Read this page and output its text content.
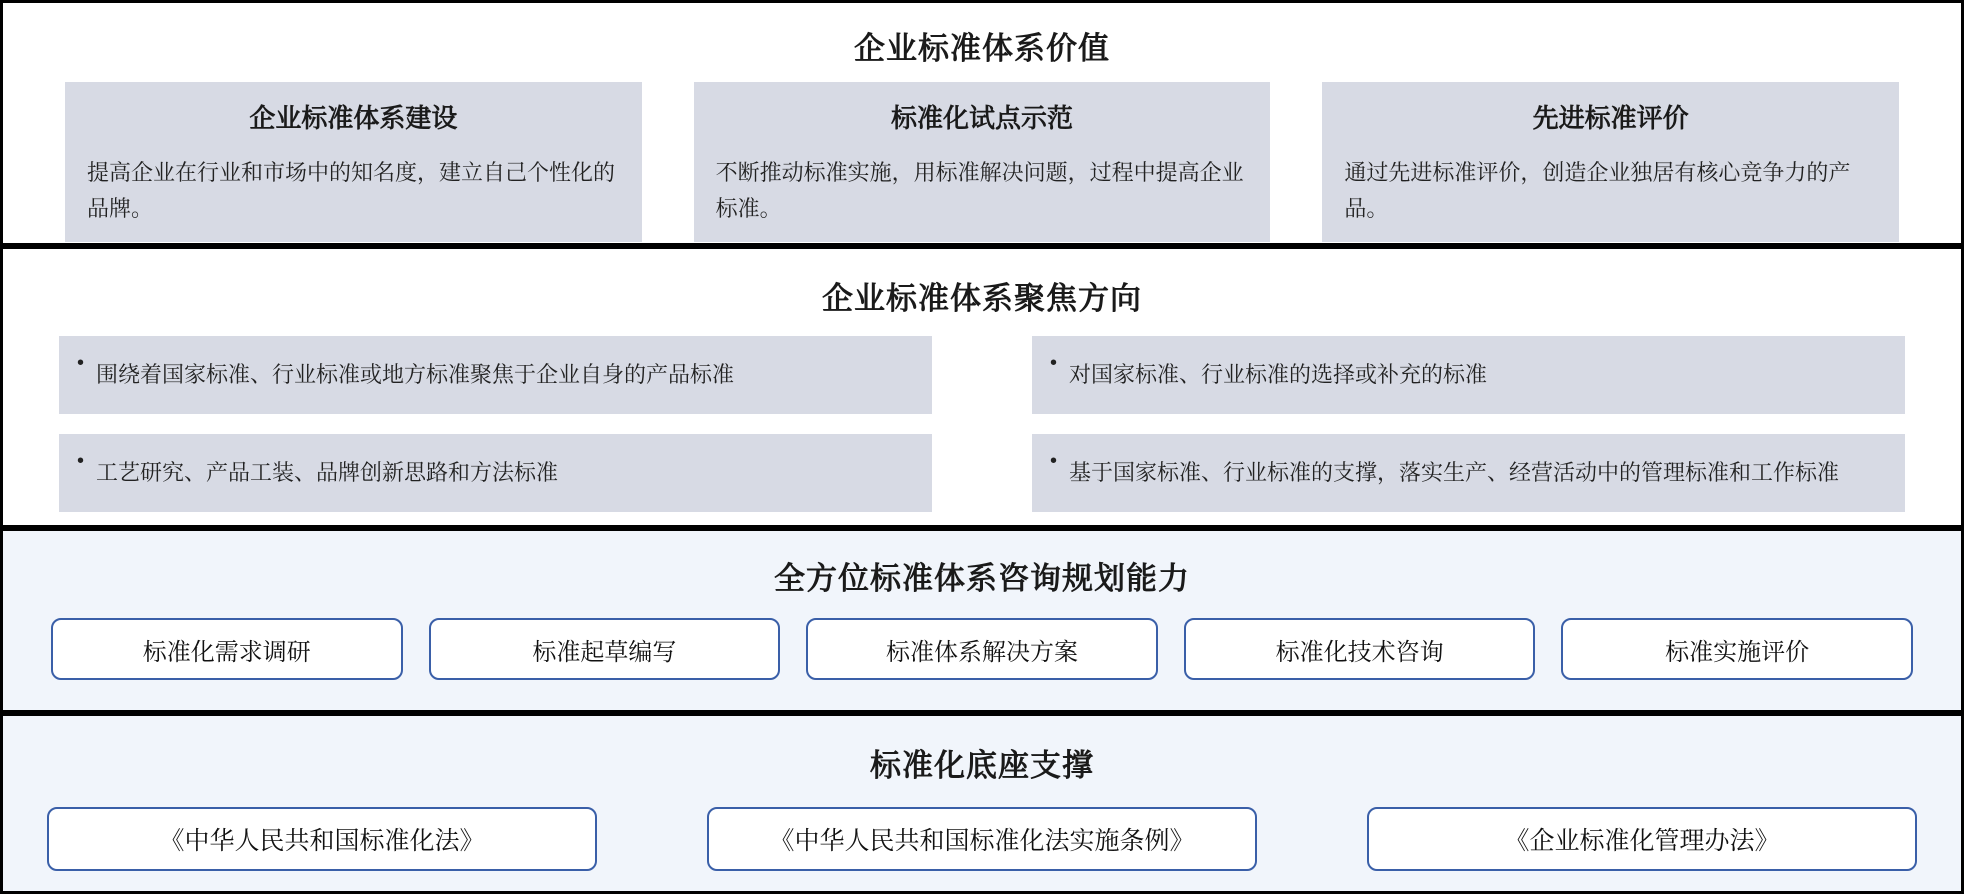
企业标准体系价值
企业标准体系建设
提高企业在行业和市场中的知名度，建立自己个性化的品牌。
标准化试点示范
不断推动标准实施，用标准解决问题，过程中提高企业标准。
先进标准评价
通过先进标准评价，创造企业独居有核心竞争力的产品。
企业标准体系聚焦方向
• 围绕着国家标准、行业标准或地方标准聚焦于企业自身的产品标准
• 工艺研究、产品工装、品牌创新思路和方法标准
• 对国家标准、行业标准的选择或补充的标准
• 基于国家标准、行业标准的支撑，落实生产、经营活动中的管理标准和工作标准
全方位标准体系咨询规划能力
标准化需求调研	标准起草编写	标准体系解决方案	标准化技术咨询	标准实施评价
标准化底座支撑
《中华人民共和国标准化法》	《中华人民共和国标准化法实施条例》	《企业标准化管理办法》
